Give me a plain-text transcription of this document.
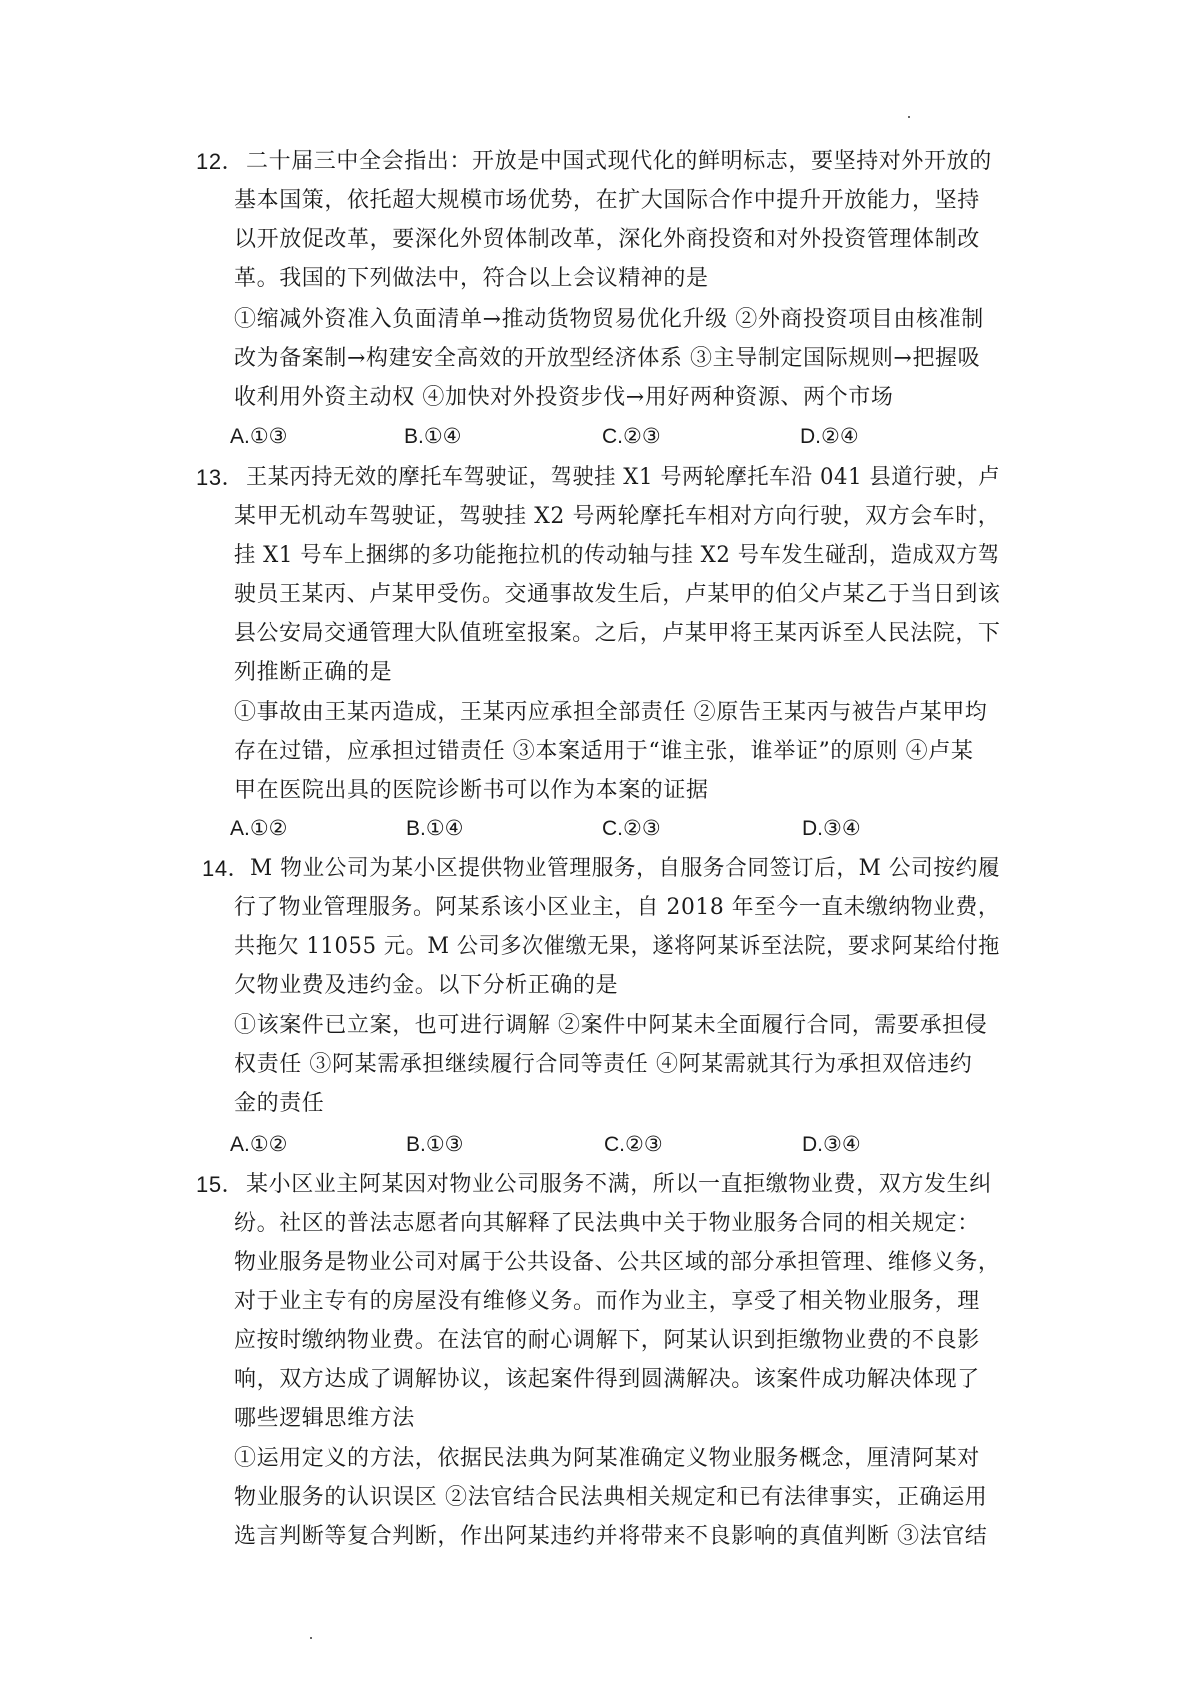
12． 二十届三中全会指出：开放是中国式现代化的鲜明标志，要坚持对外开放的
基本国策，依托超大规模市场优势，在扩大国际合作中提升开放能力，坚持
以开放促改革，要深化外贸体制改革，深化外商投资和对外投资管理体制改
革。我国的下列做法中，符合以上会议精神的是
①缩减外资准入负面清单→推动货物贸易优化升级 ②外商投资项目由核准制
改为备案制→构建安全高效的开放型经济体系 ③主导制定国际规则→把握吸
收利用外资主动权 ④加快对外投资步伐→用好两种资源、两个市场
A.①③	B.①④	C.②③	D.②④
13． 王某丙持无效的摩托车驾驶证，驾驶挂 X1 号两轮摩托车沿 041 县道行驶，卢
某甲无机动车驾驶证，驾驶挂 X2 号两轮摩托车相对方向行驶，双方会车时，
挂 X1 号车上捆绑的多功能拖拉机的传动轴与挂 X2 号车发生碰刮，造成双方驾
驶员王某丙、卢某甲受伤。交通事故发生后，卢某甲的伯父卢某乙于当日到该
县公安局交通管理大队值班室报案。之后，卢某甲将王某丙诉至人民法院，下
列推断正确的是
①事故由王某丙造成，王某丙应承担全部责任 ②原告王某丙与被告卢某甲均
存在过错，应承担过错责任 ③本案适用于“谁主张，谁举证”的原则 ④卢某
甲在医院出具的医院诊断书可以作为本案的证据
A.①②	B.①④	C.②③	D.③④
14． M 物业公司为某小区提供物业管理服务，自服务合同签订后，M 公司按约履
行了物业管理服务。阿某系该小区业主，自 2018 年至今一直未缴纳物业费，
共拖欠 11055 元。M 公司多次催缴无果，遂将阿某诉至法院，要求阿某给付拖
欠物业费及违约金。以下分析正确的是
①该案件已立案，也可进行调解 ②案件中阿某未全面履行合同，需要承担侵
权责任 ③阿某需承担继续履行合同等责任 ④阿某需就其行为承担双倍违约
金的责任
A.①②	B.①③	C.②③	D.③④
15． 某小区业主阿某因对物业公司服务不满，所以一直拒缴物业费，双方发生纠
纷。社区的普法志愿者向其解释了民法典中关于物业服务合同的相关规定：
物业服务是物业公司对属于公共设备、公共区域的部分承担管理、维修义务，
对于业主专有的房屋没有维修义务。而作为业主，享受了相关物业服务，理
应按时缴纳物业费。在法官的耐心调解下，阿某认识到拒缴物业费的不良影
响，双方达成了调解协议，该起案件得到圆满解决。该案件成功解决体现了
哪些逻辑思维方法
①运用定义的方法，依据民法典为阿某准确定义物业服务概念，厘清阿某对
物业服务的认识误区 ②法官结合民法典相关规定和已有法律事实，正确运用
选言判断等复合判断，作出阿某违约并将带来不良影响的真值判断 ③法官结
